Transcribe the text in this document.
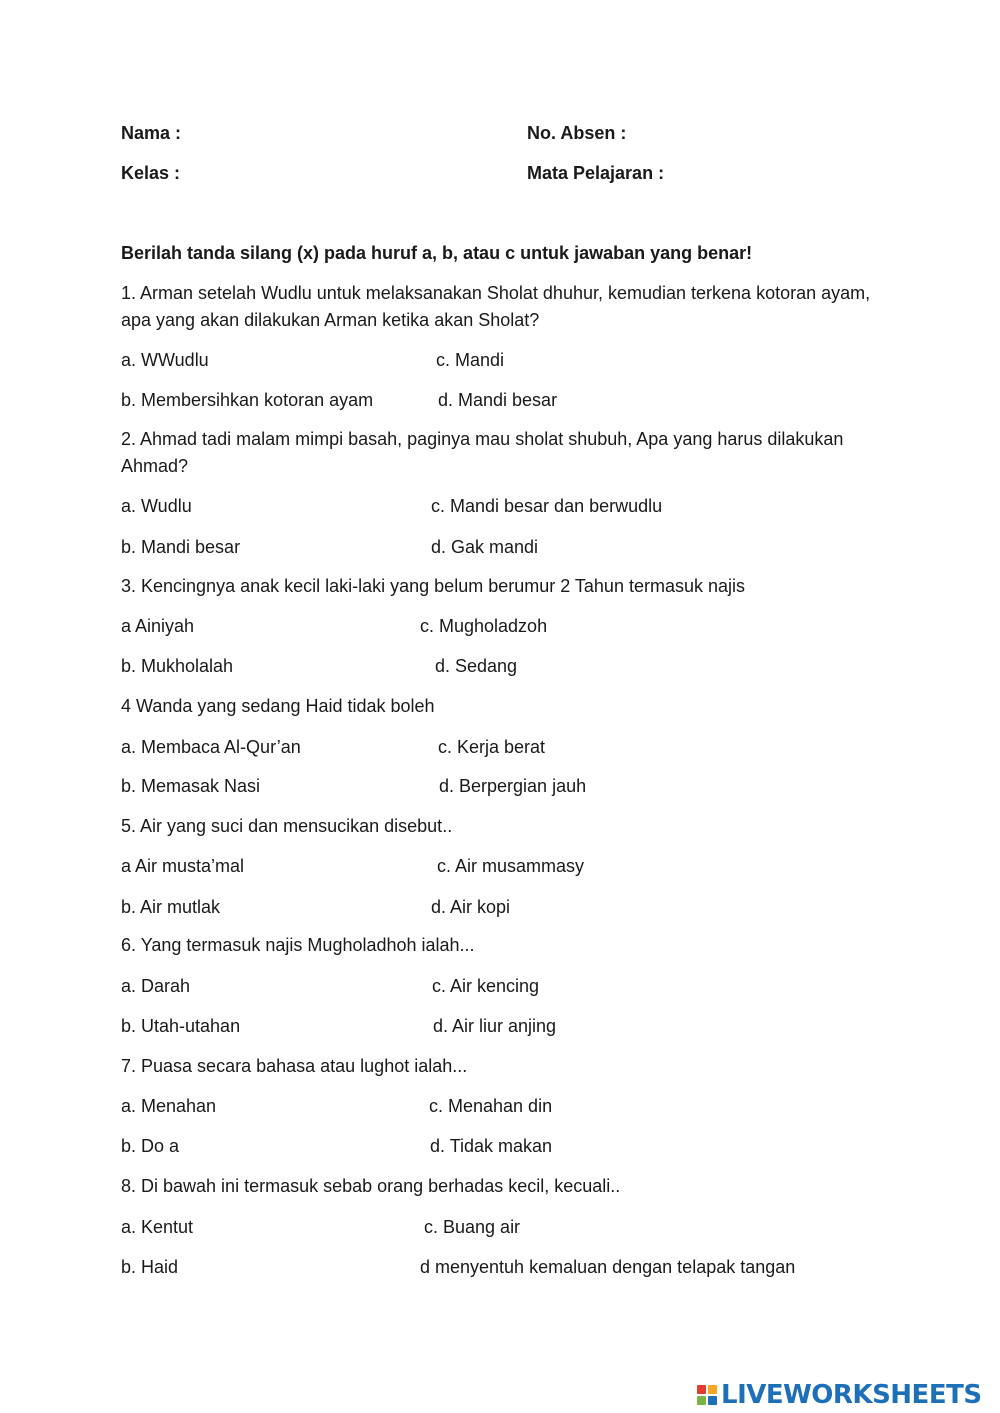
Nama :	No. Absen :
Kelas :	Mata Pelajaran :
Berilah tanda silang (x) pada huruf a, b, atau c untuk jawaban yang benar!
1. Arman setelah Wudlu untuk melaksanakan Sholat dhuhur, kemudian terkena kotoran ayam, apa yang akan dilakukan Arman ketika akan Sholat?
a. WWudlu	c. Mandi
b. Membersihkan kotoran ayam	d. Mandi besar
2. Ahmad tadi malam mimpi basah, paginya mau sholat shubuh, Apa yang harus dilakukan Ahmad?
a. Wudlu	c. Mandi besar dan berwudlu
b. Mandi besar	d. Gak mandi
3. Kencingnya anak kecil laki-laki yang belum berumur 2 Tahun termasuk najis
a Ainiyah	c. Mugholadzoh
b. Mukholalah	d. Sedang
4 Wanda yang sedang Haid tidak boleh
a. Membaca Al-Qur’an	c. Kerja berat
b. Memasak Nasi	d. Berpergian jauh
5. Air yang suci dan mensucikan disebut..
a Air musta’mal	c. Air musammasy
b. Air mutlak	d. Air kopi
6. Yang termasuk najis Mugholadhoh ialah...
a. Darah	c. Air kencing
b. Utah-utahan	d. Air liur anjing
7. Puasa secara bahasa atau lughot ialah...
a. Menahan	c. Menahan din
b. Do a	d. Tidak makan
8. Di bawah ini termasuk sebab orang berhadas kecil, kecuali..
a. Kentut	c. Buang air
b. Haid	d menyentuh kemaluan dengan telapak tangan
LIVEWORKSHEETS
